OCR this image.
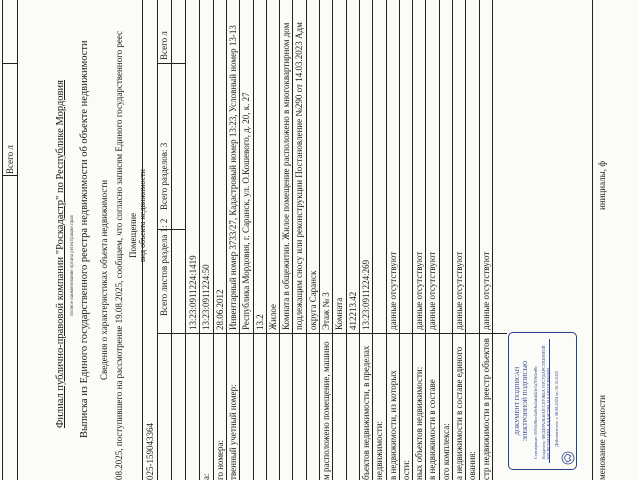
Всего л	Филиал публично-правовой компании "Роскадастр" по Республике Мордовия полное наименование органа регистрации прав Выписка из Единого государственного реестра недвижимости об объекте недвижимости Сведения о характеристиках объекта недвижимости 08.2025, поступившего на рассмотрение 19.08.2025, сообщаем, что согласно записям Единого государственного реес Помещение вид объекта недвижимости
025-159043364
Всего листов раздела 1: 2
Всего разделов: 3
Всего л
13:23:0911224:1419
а:
13:23:0911224:50
го номера:
28.06.2012
твенный учетный номер:
Инвентарный номер 3733/27, Кадастровый номер 13:23, Условный номер 13-13 Республика Мордовия, г. Саранск, ул. О.Кошевого, д. 20, к. 27 13.2 Жилое Комната в общежитии. Жилое помещение расположено в многоквартирном дом подлежащим сносу или реконструкции Постановление №290 от 14.03.2023 Адм округа Саранск
м расположено помещение, машино
Этаж № 3 Комната 412213.42
бъектов недвижимости, в пределах
13:23:0911224:269
недвижимости: в недвижимости, из которых
данные отсутствуют
ости: ных объектов недвижимости:
данные отсутствуют
в недвижимости в составе
данные отсутствуют
ого комплекса: а недвижимости в составе единого
данные отсутствуют
ования: стр недвижимости в реестр объектов
данные отсутствуют
ДОКУМЕНТ ПОДПИСАН ЭЛЕКТРОННОЙ ПОДПИСЬЮ Сертификат: 0083c8bcc5a9e6a3ab4d2fe3a7f9b5ed8c Владелец: ФЕДЕРАЛЬНАЯ СЛУЖБА ГОСУДАРСТВЕННОЙ РЕГИСТРАЦИИ, КАДАСТРА И КАРТОГРАФИИ Действителен: с 06.08.2024 по 30.10.2025	менование должности
инициалы, ф
